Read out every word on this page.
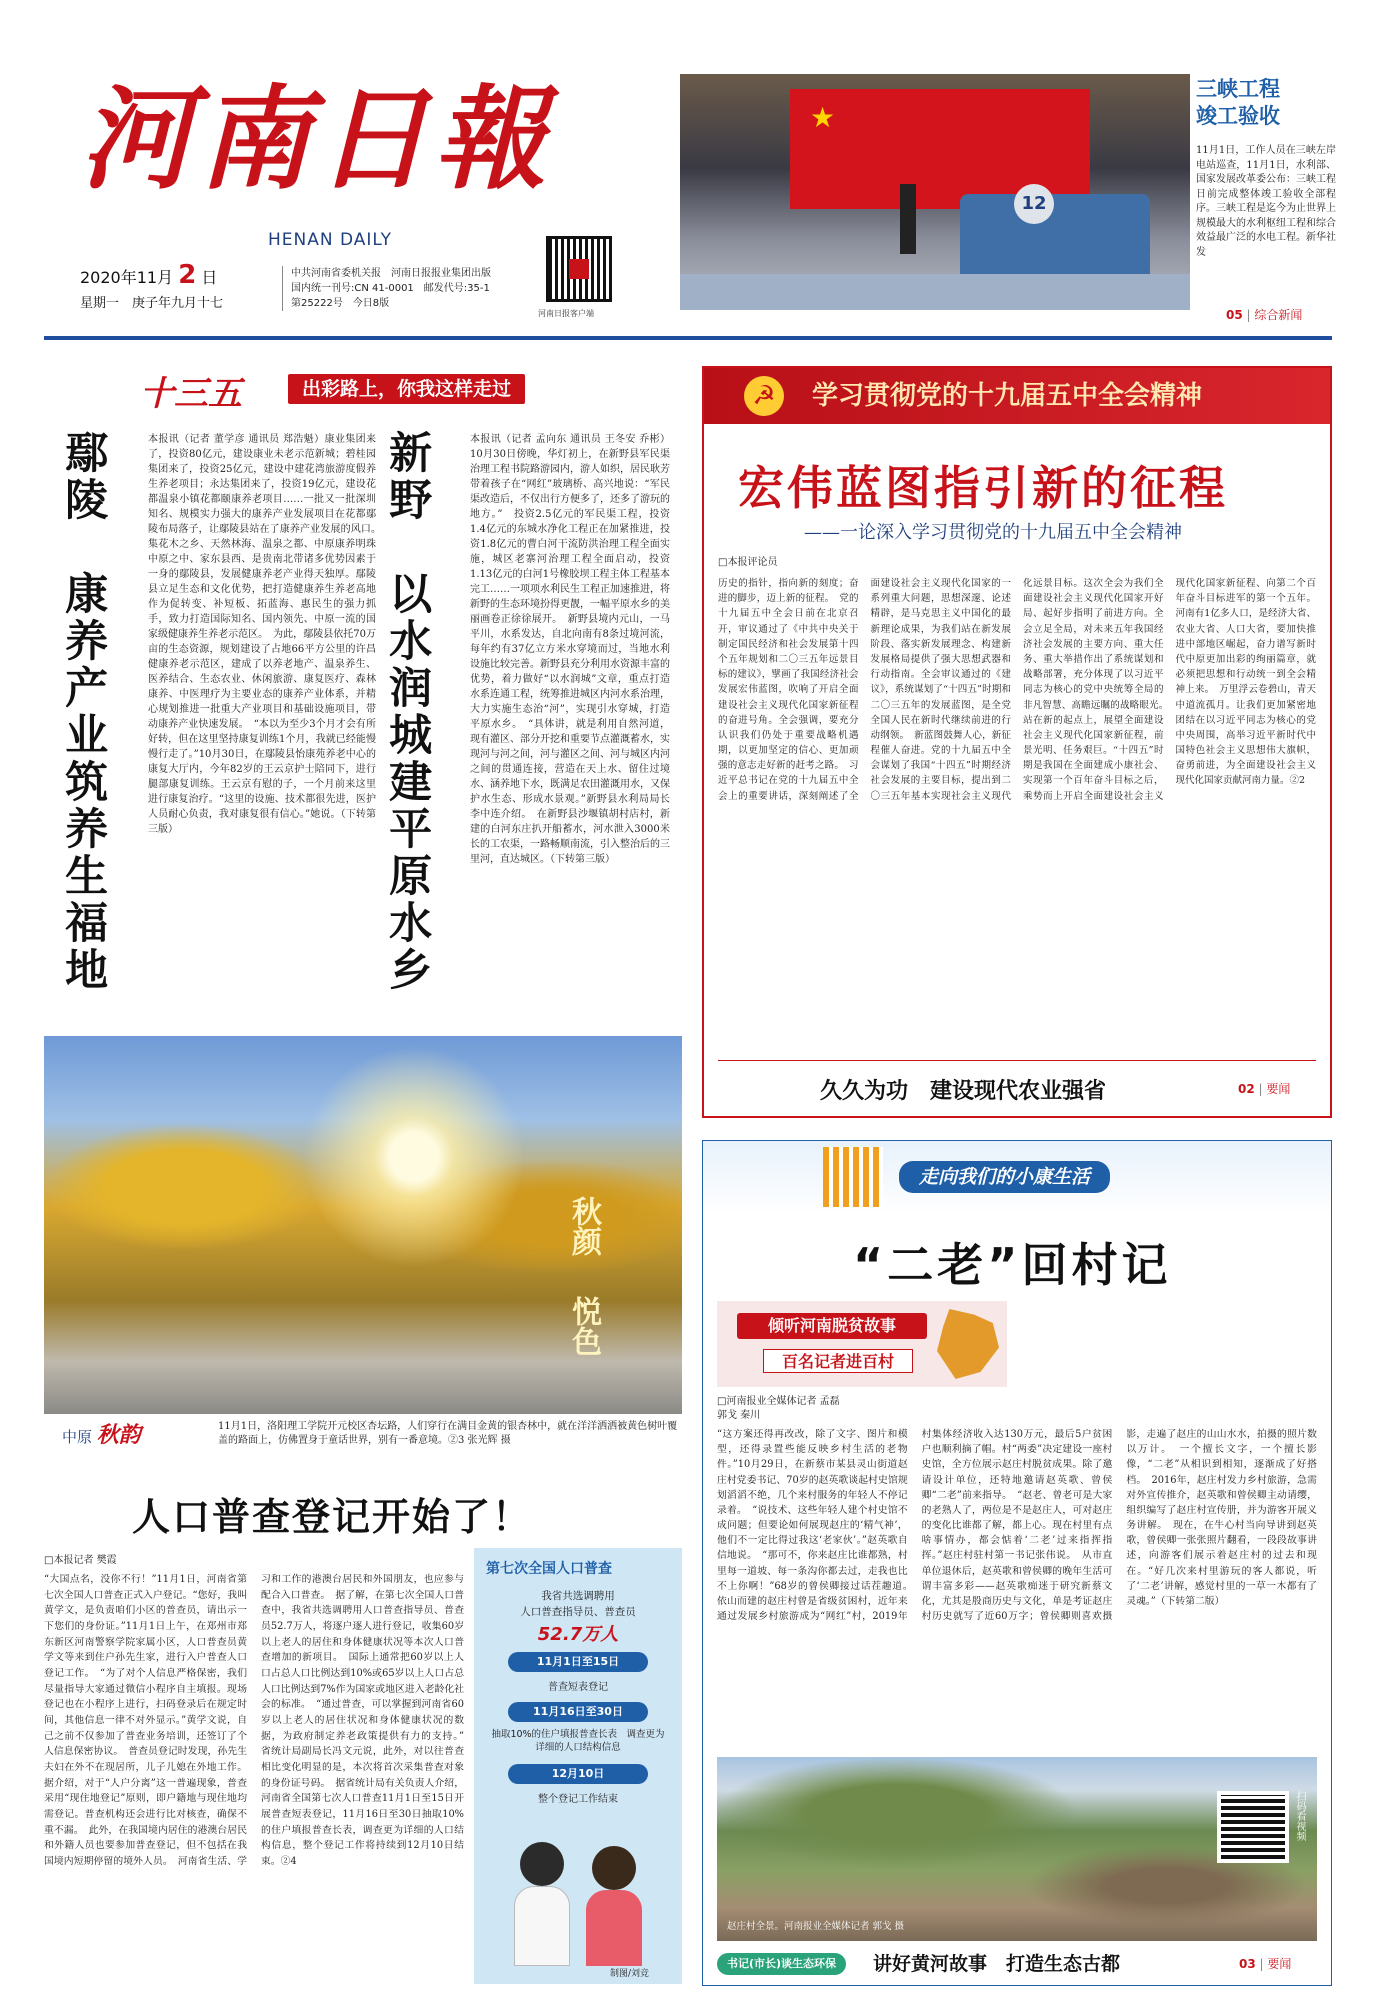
河南日報
HENAN DAILY
2020年11月 2 日
星期一　庚子年九月十七
中共河南省委机关报　河南日报报业集团出版
国内统一刊号:CN 41-0001　邮发代号:35-1
第25222号　今日8版
河南日报客户端
★
12
三峡工程
竣工验收
11月1日，工作人员在三峡左岸电站巡查，11月1日，水利部、国家发展改革委公布：三峡工程日前完成整体竣工验收全部程序。三峡工程是迄今为止世界上规模最大的水利枢纽工程和综合效益最广泛的水电工程。新华社发
05 | 综合新闻
十三五	出彩路上，你我这样走过
鄢陵　康养产业筑养生福地	本报讯（记者 董学彦 通讯员 郑浩魁）康业集团来了，投资80亿元，建设康业未老示范新城；碧桂园集团来了，投资25亿元，建设中建花湾旅游度假养生养老项目；永达集团来了，投资19亿元，建设花都温泉小镇花都颐康养老项目……一批又一批深圳知名、规模实力强大的康养产业发展项目在花都鄢陵布局落子，让鄢陵县站在了康养产业发展的风口。　集花木之乡、天然林海、温泉之都、中原康养明珠中原之中、家东县西、是贵南北带诸多优势因素于一身的鄢陵县，发展健康养老产业得天独厚。鄢陵县立足生态和文化优势，把打造健康养生养老高地作为促转变、补短板、拓蓝海、惠民生的强力抓手，致力打造国际知名、国内领先、中原一流的国家级健康养生养老示范区。　为此，鄢陵县依托70万亩的生态资源，规划建设了占地66平方公里的许昌健康养老示范区，建成了以养老地产、温泉养生、医养结合、生态农业、休闲旅游、康复医疗、森林康养、中医理疗为主要业态的康养产业体系，并精心规划推进一批重大产业项目和基础设施项目，带动康养产业快速发展。　“本以为至少3个月才会有所好转，但在这里坚持康复训练1个月，我就已经能慢慢行走了。”10月30日，在鄢陵县怡康苑养老中心的康复大厅内，今年82岁的王云京护士陪同下，进行腿部康复训练。王云京有慰的子，一个月前来这里进行康复治疗。“这里的设施、技术都很先进，医护人员耐心负责，我对康复很有信心。”她说。（下转第三版）	新野　以水润城建平原水乡	本报讯（记者 孟向东 通讯员 王冬安 乔彬）10月30日傍晚，华灯初上，在新野县军民渠治理工程书院路游园内，游人如织，居民耿芳带着孩子在“网红”玻璃桥、高兴地说：“军民渠改造后，不仅出行方便多了，还多了游玩的地方。”　投资2.5亿元的军民渠工程，投资1.4亿元的东城水净化工程正在加紧推进，投资1.8亿元的曹白河干流防洪治理工程全面实施，城区老寨河治理工程全面启动，投资1.13亿元的白河1号橡胶坝工程主体工程基本完工……一项项水利民生工程正加速推进，将新野的生态环境扮得更靓，一幅平原水乡的美丽画卷正徐徐展开。　新野县境内元山，一马平川，水系发达，自北向南有8条过境河流，每年约有37亿立方米水穿境而过，当地水利设施比较完善。新野县充分利用水资源丰富的优势，着力做好“以水润城”文章，重点打造水系连通工程，统筹推进城区内河水系治理，大力实施生态治“河”，实现引水穿城，打造平原水乡。　“具体讲，就是利用自然河道，现有灌区、部分开挖和重要节点灌溉蓄水，实现河与河之间，河与灌区之间、河与城区内河之间的贯通连接，营造在天上水、留住过境水、涵养地下水，既满足农田灌溉用水，又保护水生态、形成水景观。”新野县水利局局长李中连介绍。　在新野县沙堰镇胡村店村，新建的白河东庄扒开船蓄水，河水泄入3000米长的工农渠，一路畅顺南流，引入整治后的三里河，直达城区。（下转第三版）
☭	学习贯彻党的十九届五中全会精神
宏伟蓝图指引新的征程
——一论深入学习贯彻党的十九届五中全会精神
□本报评论员
历史的指针，指向新的刻度；奋进的脚步，迈上新的征程。　党的十九届五中全会日前在北京召开，审议通过了《中共中央关于制定国民经济和社会发展第十四个五年规划和二〇三五年远景目标的建议》，擘画了我国经济社会发展宏伟蓝图，吹响了开启全面建设社会主义现代化国家新征程的奋进号角。全会强调，要充分认识我们仍处于重要战略机遇期，以更加坚定的信心、更加顽强的意志走好新的赶考之路。　习近平总书记在党的十九届五中全会上的重要讲话，深刻阐述了全面建设社会主义现代化国家的一系列重大问题，思想深邃、论述精辟，是马克思主义中国化的最新理论成果，为我们站在新发展阶段、落实新发展理念、构建新发展格局提供了强大思想武器和行动指南。全会审议通过的《建议》，系统谋划了“十四五”时期和二〇三五年的发展蓝图，是全党全国人民在新时代继续前进的行动纲领。　新蓝图鼓舞人心，新征程催人奋进。党的十九届五中全会谋划了我国“十四五”时期经济社会发展的主要目标，提出到二〇三五年基本实现社会主义现代化远景目标。这次全会为我们全面建设社会主义现代化国家开好局、起好步指明了前进方向。全会立足全局，对未来五年我国经济社会发展的主要方向、重大任务、重大举措作出了系统谋划和战略部署，充分体现了以习近平同志为核心的党中央统筹全局的非凡智慧、高瞻远瞩的战略眼光。　站在新的起点上，展望全面建设社会主义现代化国家新征程，前景光明、任务艰巨。“十四五”时期是我国在全面建成小康社会、实现第一个百年奋斗目标之后，乘势而上开启全面建设社会主义现代化国家新征程、向第二个百年奋斗目标进军的第一个五年。河南有1亿多人口，是经济大省、农业大省、人口大省，要加快推进中部地区崛起，奋力谱写新时代中原更加出彩的绚丽篇章，就必须把思想和行动统一到全会精神上来。　万里浮云卷碧山，青天中道流孤月。让我们更加紧密地团结在以习近平同志为核心的党中央周围，高举习近平新时代中国特色社会主义思想伟大旗帜，奋勇前进，为全面建设社会主义现代化国家贡献河南力量。②2
久久为功　建设现代农业强省	02 | 要闻
秋颜 悦色
中原 秋韵	11月1日，洛阳理工学院开元校区杏坛路，人们穿行在满目金黄的银杏林中，就在洋洋洒洒被黄色树叶覆盖的路面上，仿佛置身于童话世界，别有一番意境。②3 张光辉 摄
人口普查登记开始了！
□本报记者 樊霞
“大国点名，没你不行！”11月1日，河南省第七次全国人口普查正式入户登记。“您好，我叫黄学文，是负责咱们小区的普查员，请出示一下您们的身份证。”11月1日上午，在郑州市郑东新区河南警察学院家属小区，人口普查员黄学文等来到住户孙先生家，进行入户普查人口登记工作。　“为了对个人信息严格保密，我们尽量指导大家通过微信小程序自主填报。现场登记也在小程序上进行，扫码登录后在规定时间，其他信息一律不对外显示。”黄学文说，自己之前不仅参加了普查业务培训，还签订了个人信息保密协议。　普查员登记时发现，孙先生夫妇在外不在现居所，儿子儿媳在外地工作。据介绍，对于“人户分离”这一普遍现象，普查采用“现住地登记”原则，即户籍地与现住地均需登记。普查机构还会进行比对核查，确保不重不漏。　此外，在我国境内居住的港澳台居民和外籍人员也要参加普查登记，但不包括在我国境内短期停留的境外人员。　河南省生活、学习和工作的港澳台居民和外国朋友，也应参与配合入口普查。　据了解，在第七次全国人口普查中，我省共选调聘用人口普查指导员、普查员52.7万人，将逐户逐人进行登记，收集60岁以上老人的居住和身体健康状况等本次人口普查增加的新项目。　国际上通常把60岁以上人口占总人口比例达到10%或65岁以上人口占总人口比例达到7%作为国家或地区进入老龄化社会的标准。　“通过普查，可以掌握到河南省60岁以上老人的居住状况和身体健康状况的数据，为政府制定养老政策提供有力的支持。”　省统计局副局长冯文元说，此外，对以往普查相比变化明显的是，本次将首次采集普查对象的身份证号码。　据省统计局有关负责人介绍，河南省全国第七次人口普查11月1日至15日开展普查短表登记，11月16日至30日抽取10%的住户填报普查长表，调查更为详细的人口结构信息，整个登记工作将持续到12月10日结束。②4
第七次全国人口普查
我省共选调聘用
人口普查指导员、普查员
52.7万人
11月1日至15日
普查短表登记
11月16日至30日
抽取10%的住户填报普查长表　调查更为详细的人口结构信息
12月10日
整个登记工作结束
制图/刘竞
走向我们的小康生活
“二老”回村记
倾听河南脱贫故事
百名记者进百村
□河南报业全媒体记者 孟磊　郭戈 秦川
“这方案还得再改改，除了文字、图片和模型，还得录置些能反映乡村生活的老物件。”10月29日，在新蔡市某县灵山街道赵庄村党委书记、70岁的赵英歌谈起村史馆规划滔滔不绝，几个来村服务的年轻人不停记录着。　“说技术、这些年轻人建个村史馆不成问题；但要论如何展现赵庄的‘精气神’，他们不一定比得过我这‘老家伙’。”赵英歌自信地说。　“那可不，你来赵庄比谁都熟，村里每一道坡、每一条沟你都去过，走我也比不上你啊！”68岁的曾侯卿接过话茬趣道。　依山而建的赵庄村曾是省级贫困村，近年来通过发展乡村旅游成为“网红”村，2019年村集体经济收入达130万元，最后5户贫困户也顺利摘了帽。村“两委”决定建设一座村史馆，全方位展示赵庄村脱贫成果。除了邀请设计单位，还特地邀请赵英歌、曾侯卿“二老”前来指导。　“赵老、曾老可是大家的老熟人了，两位是不是赵庄人，可对赵庄的变化比谁都了解，都上心。现在村里有点啥事情办，都会惦着‘二老’过来指挥指挥。”赵庄村驻村第一书记张伟说。　从市直单位退休后，赵英歌和曾侯卿的晚年生活可谓丰富多彩——赵英歌痴迷于研究新蔡文化，尤其是殷商历史与文化，单是考证赵庄村历史就写了近60万字；曾侯卿则喜欢摄影，走遍了赵庄的山山水水，拍摄的照片数以万计。　一个擅长文字，一个擅长影像，“二老”从相识到相知，逐渐成了好搭档。　2016年，赵庄村发力乡村旅游，急需对外宣传推介，赵英歌和曾侯卿主动请缨，组织编写了赵庄村宣传册，并为游客开展义务讲解。　现在，在牛心村当向导讲到赵英歌，曾侯卿一张张照片翻看，一段段故事讲述，向游客们展示着赵庄村的过去和现在。“好几次来村里游玩的客人都说，听了‘二老’讲解，感觉村里的一草一木都有了灵魂。”（下转第二版）
扫码看视频
赵庄村全景。河南报业全媒体记者 郭戈 摄
书记(市长)谈生态环保	讲好黄河故事　打造生态古都	03 | 要闻
